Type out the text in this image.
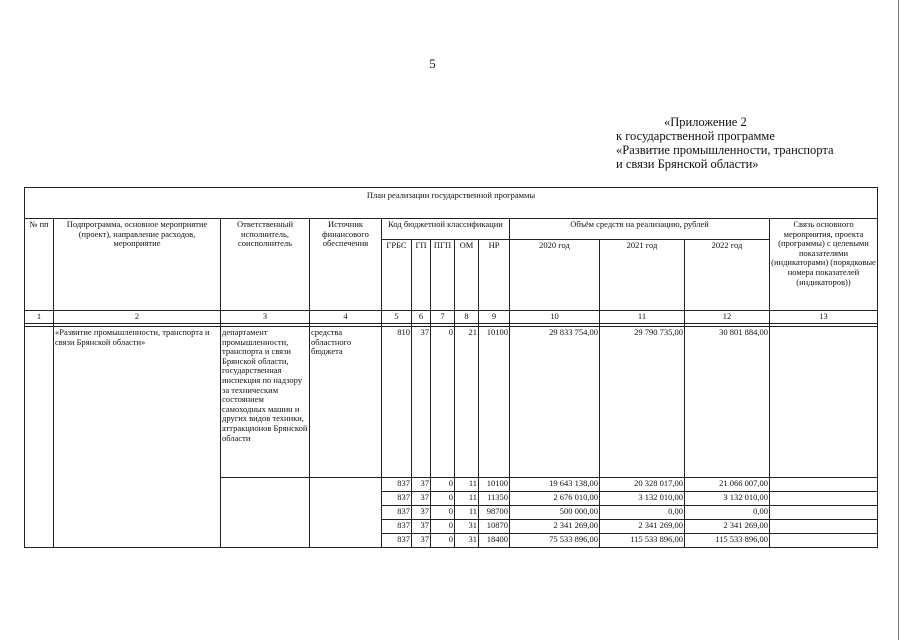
5
«Приложение 2
к государственной программе
«Развитие промышленности, транспорта
и связи Брянской области»
План реализации государственной программы												
№ пп	Подпрограмма, основное мероприятие (проект), направление расходов, мероприятие	Ответственный исполнитель, соисполнитель	Источник финансового обеспечения	Код бюджетной классификации					Объём средств на реализацию, рублей			Связь основного мероприятия, проекта (программы) с целевыми показателями (индикаторами) (порядковые номера показателей (индикаторов))
				ГРБС	ГП	ПГП	ОМ	НР	2020 год	2021 год	2022 год	
1	2	3	4	5	6	7	8	9	10	11	12	13

	«Развитие промышленности, транспорта и связи Брянской области»	департамент промышленности, транспорта и связи Брянской области, государственная инспекция по надзору за техническим состоянием самоходных машин и других видов техники, аттракционов Брянской области	средства областного бюджета	810	37	0	21	10100	29 833 754,00	29 790 735,00	30 801 884,00	
				837	37	0	11	10100	19 643 138,00	20 328 017,00	21 066 007,00	
				837	37	0	11	11350	2 676 010,00	3 132 010,00	3 132 010,00	
				837	37	0	11	98700	500 000,00	0,00	0,00	
				837	37	0	31	10870	2 341 269,00	2 341 269,00	2 341 269,00	
				837	37	0	31	18400	75 533 896,00	115 533 896,00	115 533 896,00	
